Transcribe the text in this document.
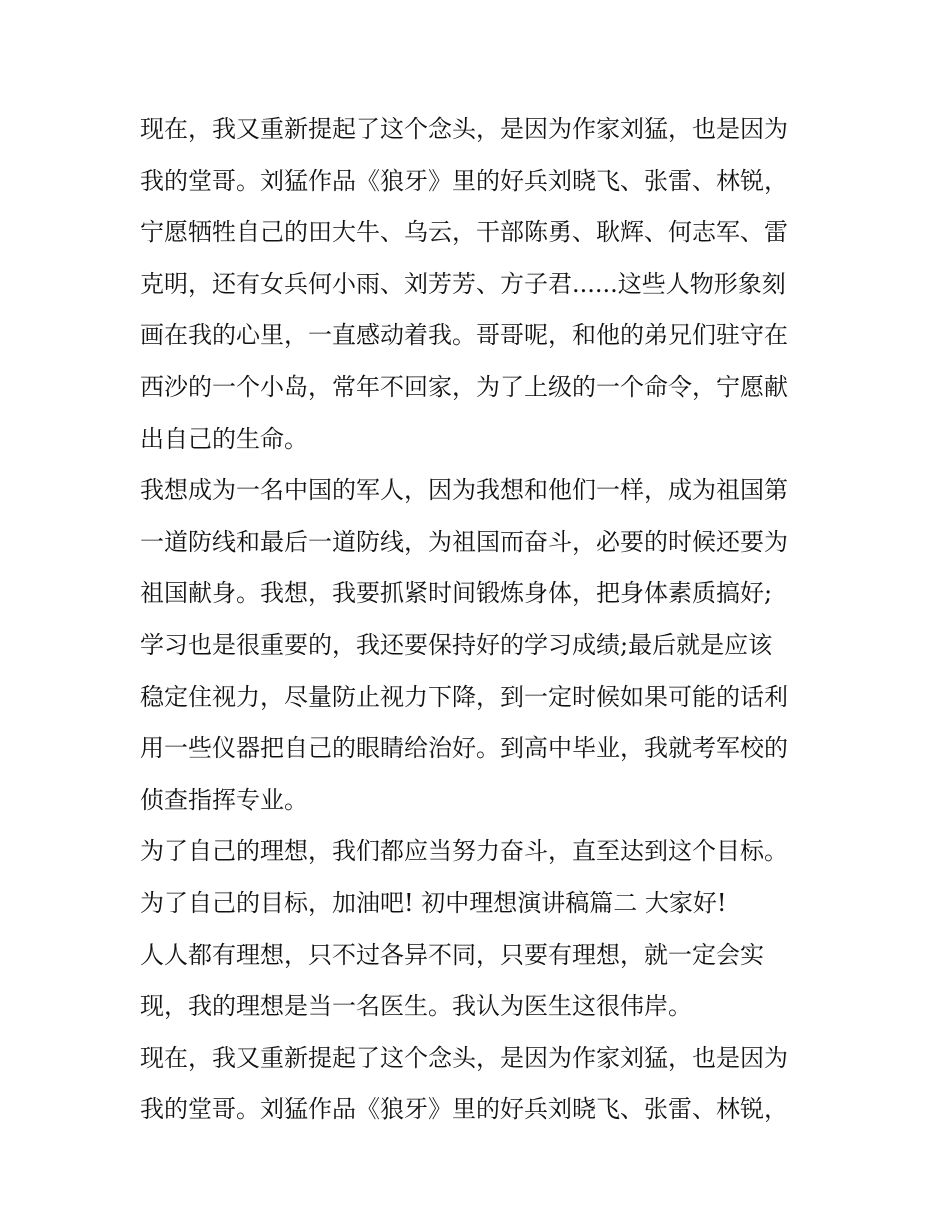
现在，我又重新提起了这个念头，是因为作家刘猛，也是因为
我的堂哥。刘猛作品《狼牙》里的好兵刘晓飞、张雷、林锐，
宁愿牺牲自己的田大牛、乌云，干部陈勇、耿辉、何志军、雷
克明，还有女兵何小雨、刘芳芳、方子君......这些人物形象刻
画在我的心里，一直感动着我。哥哥呢，和他的弟兄们驻守在
西沙的一个小岛，常年不回家，为了上级的一个命令，宁愿献
出自己的生命。
我想成为一名中国的军人，因为我想和他们一样，成为祖国第
一道防线和最后一道防线，为祖国而奋斗，必要的时候还要为
祖国献身。我想，我要抓紧时间锻炼身体，把身体素质搞好;
学习也是很重要的，我还要保持好的学习成绩;最后就是应该
稳定住视力，尽量防止视力下降，到一定时候如果可能的话利
用一些仪器把自己的眼睛给治好。到高中毕业，我就考军校的
侦查指挥专业。
为了自己的理想，我们都应当努力奋斗，直至达到这个目标。
为了自己的目标，加油吧! 初中理想演讲稿篇二 大家好!
人人都有理想，只不过各异不同，只要有理想，就一定会实
现，我的理想是当一名医生。我认为医生这很伟岸。
现在，我又重新提起了这个念头，是因为作家刘猛，也是因为
我的堂哥。刘猛作品《狼牙》里的好兵刘晓飞、张雷、林锐，
